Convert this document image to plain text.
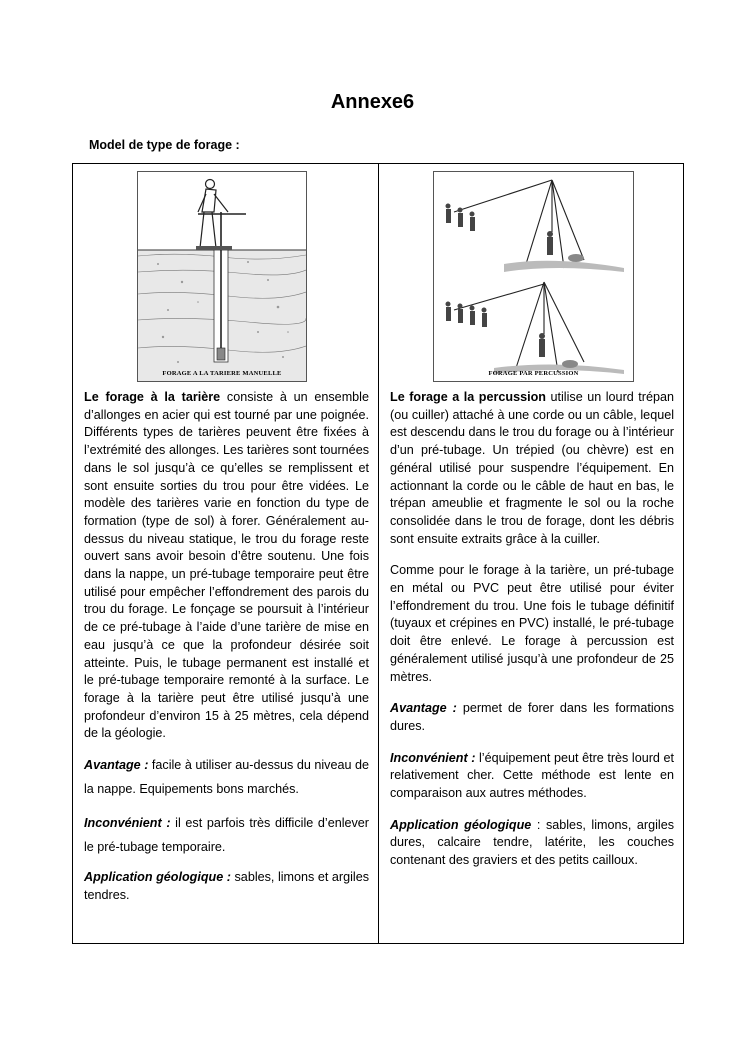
Annexe6
Model de type de forage :
FORAGE A LA TARIERE MANUELLE

Le forage à la tarière consiste à un ensemble d’allonges en acier qui est tourné par une poignée. Différents types de tarières peuvent être fixées à l’extrémité des allonges. Les tarières sont tournées dans le sol jusqu’à ce qu’elles se remplissent et sont ensuite sorties du trou pour être vidées. Le modèle des tarières varie en fonction du type de formation (type de sol) à forer. Généralement au-dessus du niveau statique, le trou du forage reste ouvert sans avoir besoin d’être soutenu. Une fois dans la nappe, un pré-tubage temporaire peut être utilisé pour empêcher l’effondrement des parois du trou du forage. Le fonçage se poursuit à l’intérieur de ce pré-tubage à l’aide d’une tarière de mise en eau jusqu’à ce que la profondeur désirée soit atteinte. Puis, le tubage permanent est installé et le pré-tubage temporaire remonté à la surface. Le forage à la tarière peut être utilisé jusqu’à une profondeur d’environ 15 à 25 mètres, cela dépend de la géologie.

Avantage : facile à utiliser au-dessus du niveau de la nappe. Equipements bons marchés.

Inconvénient : il est parfois très difficile d’enlever le pré-tubage temporaire.

Application géologique : sables, limons et argiles tendres.

FORAGE PAR PERCUSSION

Le forage a la percussion utilise un lourd trépan (ou cuiller) attaché à une corde ou un câble, lequel est descendu dans le trou du forage ou à l’intérieur d’un pré-tubage. Un trépied (ou chèvre) est en général utilisé pour suspendre l’équipement. En actionnant la corde ou le câble de haut en bas, le trépan ameublie et fragmente le sol ou la roche consolidée dans le trou de forage, dont les débris sont ensuite extraits grâce à la cuiller.

Comme pour le forage à la tarière, un pré-tubage en métal ou PVC peut être utilisé pour éviter l’effondrement du trou. Une fois le tubage définitif (tuyaux et crépines en PVC) installé, le pré-tubage doit être enlevé. Le forage à percussion est généralement utilisé jusqu’à une profondeur de 25 mètres.

Avantage : permet de forer dans les formations dures.

Inconvénient : l’équipement peut être très lourd et relativement cher. Cette méthode est lente en comparaison aux autres méthodes.

Application géologique : sables, limons, argiles dures, calcaire tendre, latérite, les couches contenant des graviers et des petits cailloux.
